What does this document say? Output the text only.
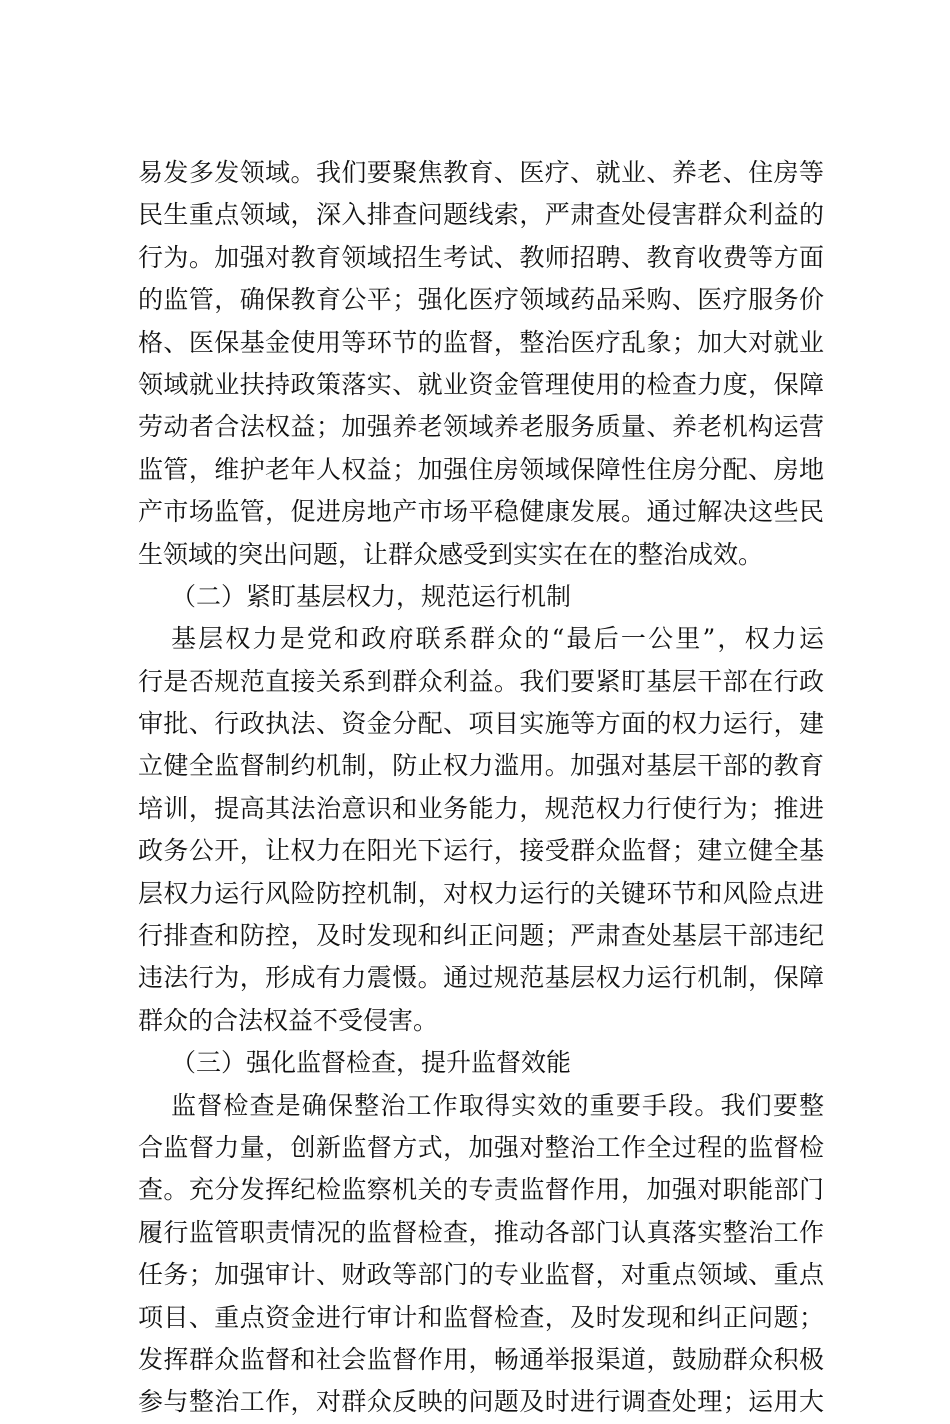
易发多发领域。我们要聚焦教育、医疗、就业、养老、住房等
民生重点领域，深入排查问题线索，严肃查处侵害群众利益的
行为。加强对教育领域招生考试、教师招聘、教育收费等方面
的监管，确保教育公平；强化医疗领域药品采购、医疗服务价
格、医保基金使用等环节的监督，整治医疗乱象；加大对就业
领域就业扶持政策落实、就业资金管理使用的检查力度，保障
劳动者合法权益；加强养老领域养老服务质量、养老机构运营
监管，维护老年人权益；加强住房领域保障性住房分配、房地
产市场监管，促进房地产市场平稳健康发展。通过解决这些民
生领域的突出问题，让群众感受到实实在在的整治成效。
（二）紧盯基层权力，规范运行机制
基层权力是党和政府联系群众的“最后一公里”，权力运
行是否规范直接关系到群众利益。我们要紧盯基层干部在行政
审批、行政执法、资金分配、项目实施等方面的权力运行，建
立健全监督制约机制，防止权力滥用。加强对基层干部的教育
培训，提高其法治意识和业务能力，规范权力行使行为；推进
政务公开，让权力在阳光下运行，接受群众监督；建立健全基
层权力运行风险防控机制，对权力运行的关键环节和风险点进
行排查和防控，及时发现和纠正问题；严肃查处基层干部违纪
违法行为，形成有力震慑。通过规范基层权力运行机制，保障
群众的合法权益不受侵害。
（三）强化监督检查，提升监督效能
监督检查是确保整治工作取得实效的重要手段。我们要整
合监督力量，创新监督方式，加强对整治工作全过程的监督检
查。充分发挥纪检监察机关的专责监督作用，加强对职能部门
履行监管职责情况的监督检查，推动各部门认真落实整治工作
任务；加强审计、财政等部门的专业监督，对重点领域、重点
项目、重点资金进行审计和监督检查，及时发现和纠正问题；
发挥群众监督和社会监督作用，畅通举报渠道，鼓励群众积极
参与整治工作，对群众反映的问题及时进行调查处理；运用大
